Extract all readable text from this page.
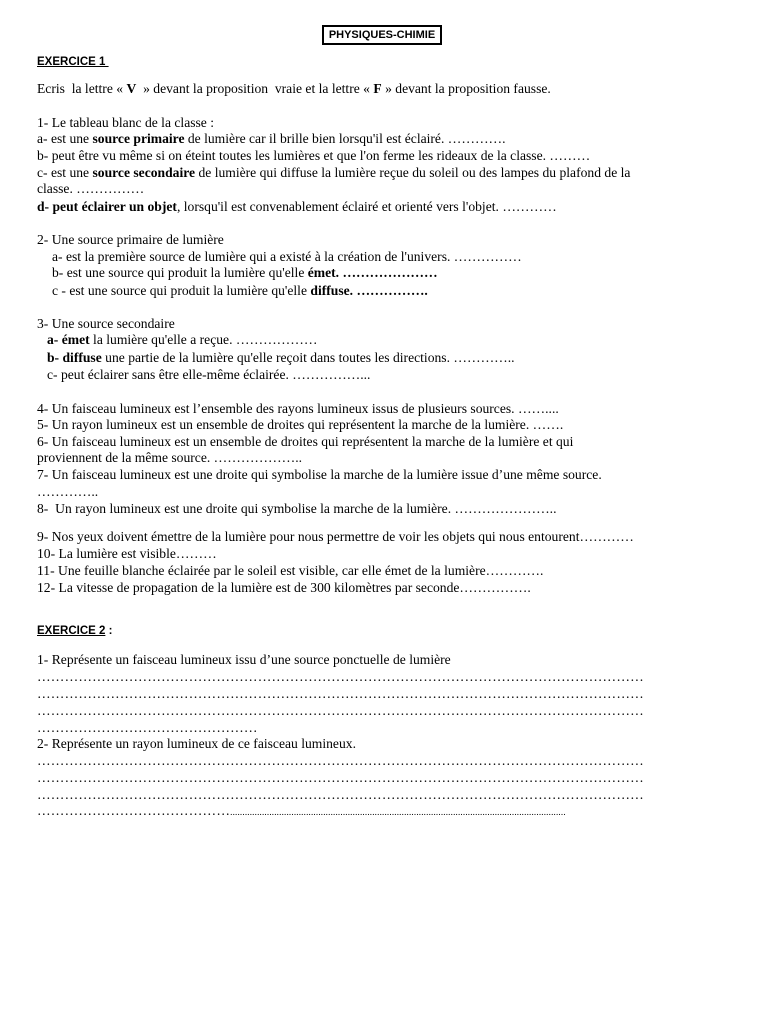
PHYSIQUES-CHIMIE
EXERCICE 1
Ecris  la lettre « V  » devant la proposition  vraie et la lettre « F » devant la proposition fausse.
1- Le tableau blanc de la classe :
a- est une source primaire de lumière car il brille bien lorsqu'il est éclairé. ………….
b- peut être vu même si on éteint toutes les lumières et que l'on ferme les rideaux de la classe. ………
c- est une source secondaire de lumière qui diffuse la lumière reçue du soleil ou des lampes du plafond de la
classe. ……………
d- peut éclairer un objet, lorsqu'il est convenablement éclairé et orienté vers l'objet. …………
2- Une source primaire de lumière
a- est la première source de lumière qui a existé à la création de l'univers. ……………
b- est une source qui produit la lumière qu'elle émet. …………………
c - est une source qui produit la lumière qu'elle diffuse. …………….
3- Une source secondaire
a- émet la lumière qu'elle a reçue. ………………
b- diffuse une partie de la lumière qu'elle reçoit dans toutes les directions. …………..
c- peut éclairer sans être elle-même éclairée. ……………...
4- Un faisceau lumineux est l’ensemble des rayons lumineux issus de plusieurs sources. ……....
5- Un rayon lumineux est un ensemble de droites qui représentent la marche de la lumière. …….
6- Un faisceau lumineux est un ensemble de droites qui représentent la marche de la lumière et qui
proviennent de la même source. ………………..
7- Un faisceau lumineux est une droite qui symbolise la marche de la lumière issue d’une même source.
…………..
8-  Un rayon lumineux est une droite qui symbolise la marche de la lumière. …………………..
9- Nos yeux doivent émettre de la lumière pour nous permettre de voir les objets qui nous entourent…………
10- La lumière est visible………
11- Une feuille blanche éclairée par le soleil est visible, car elle émet de la lumière………….
12- La vitesse de propagation de la lumière est de 300 kilomètres par seconde…………….
EXERCICE 2 :
1- Représente un faisceau lumineux issu d’une source ponctuelle de lumière
……………………………………………………………………………………………………………………
……………………………………………………………………………………………………………………
……………………………………………………………………………………………………………………
…………………………………………
2- Représente un rayon lumineux de ce faisceau lumineux.
……………………………………………………………………………………………………………………
……………………………………………………………………………………………………………………
……………………………………………………………………………………………………………………
…………………………………….........................................................................................................................................
